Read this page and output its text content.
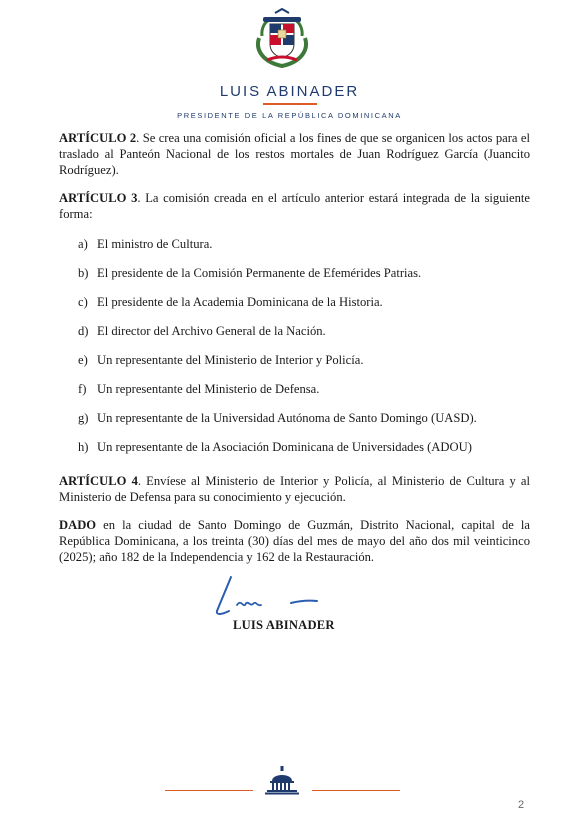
LUIS ABINADER
PRESIDENTE DE LA REPÚBLICA DOMINICANA

ARTÍCULO 2. Se crea una comisión oficial a los fines de que se organicen los actos para el traslado al Panteón Nacional de los restos mortales de Juan Rodríguez García (Juancito Rodríguez).

ARTÍCULO 3. La comisión creada en el artículo anterior estará integrada de la siguiente forma:

a) El ministro de Cultura.
b) El presidente de la Comisión Permanente de Efemérides Patrias.
c) El presidente de la Academia Dominicana de la Historia.
d) El director del Archivo General de la Nación.
e) Un representante del Ministerio de Interior y Policía.
f) Un representante del Ministerio de Defensa.
g) Un representante de la Universidad Autónoma de Santo Domingo (UASD).
h) Un representante de la Asociación Dominicana de Universidades (ADOU)

ARTÍCULO 4. Envíese al Ministerio de Interior y Policía, al Ministerio de Cultura y al Ministerio de Defensa para su conocimiento y ejecución.

DADO en la ciudad de Santo Domingo de Guzmán, Distrito Nacional, capital de la República Dominicana, a los treinta (30) días del mes de mayo del año dos mil veinticinco (2025); año 182 de la Independencia y 162 de la Restauración.

LUIS ABINADER
2
